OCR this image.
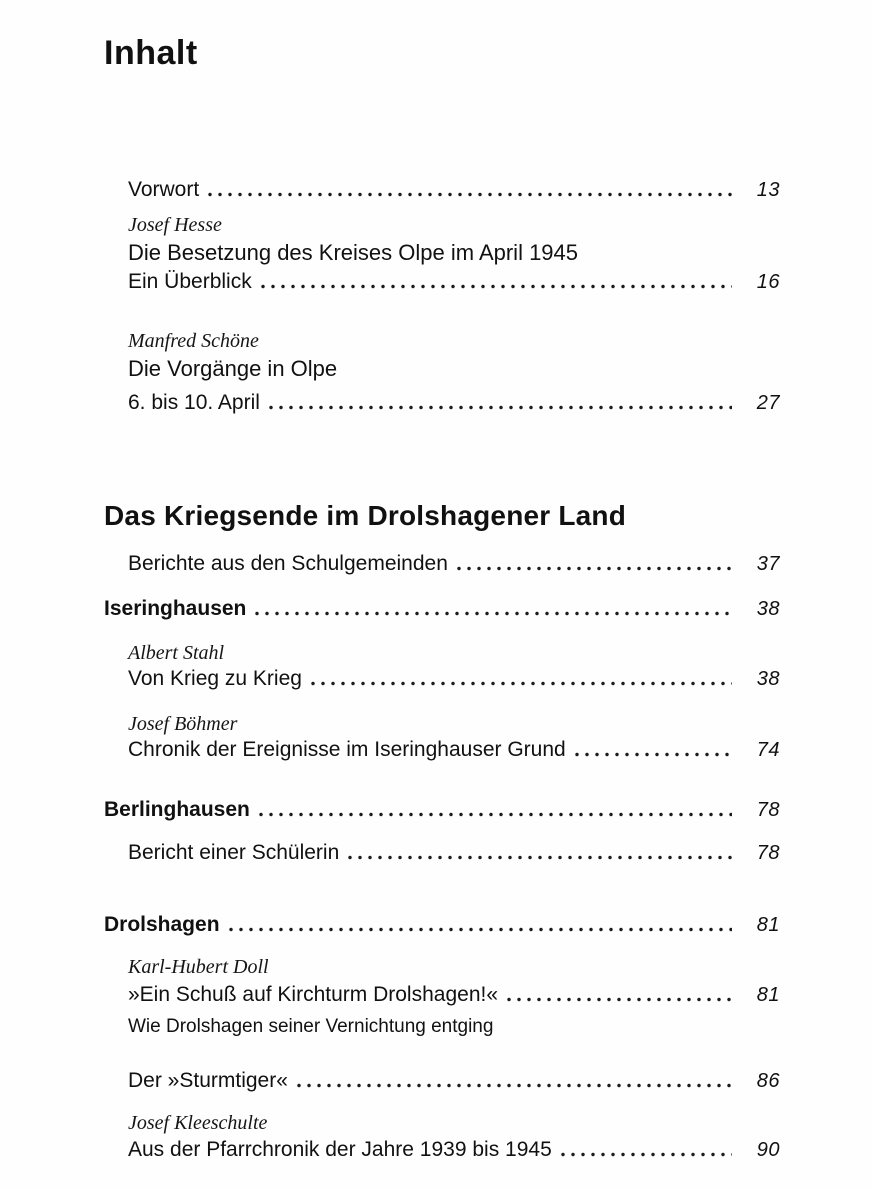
Inhalt
Vorwort	13
Josef Hesse
Die Besetzung des Kreises Olpe im April 1945
Ein Überblick	16
Manfred Schöne
Die Vorgänge in Olpe
6. bis 10. April	27
Das Kriegsende im Drolshagener Land
Berichte aus den Schulgemeinden	37
Iseringhausen	38
Albert Stahl
Von Krieg zu Krieg	38
Josef Böhmer
Chronik der Ereignisse im Iseringhauser Grund	74
Berlinghausen	78
Bericht einer Schülerin	78
Drolshagen	81
Karl-Hubert Doll
»Ein Schuß auf Kirchturm Drolshagen!«	81
Wie Drolshagen seiner Vernichtung entging
Der »Sturmtiger«	86
Josef Kleeschulte
Aus der Pfarrchronik der Jahre 1939 bis 1945	90
